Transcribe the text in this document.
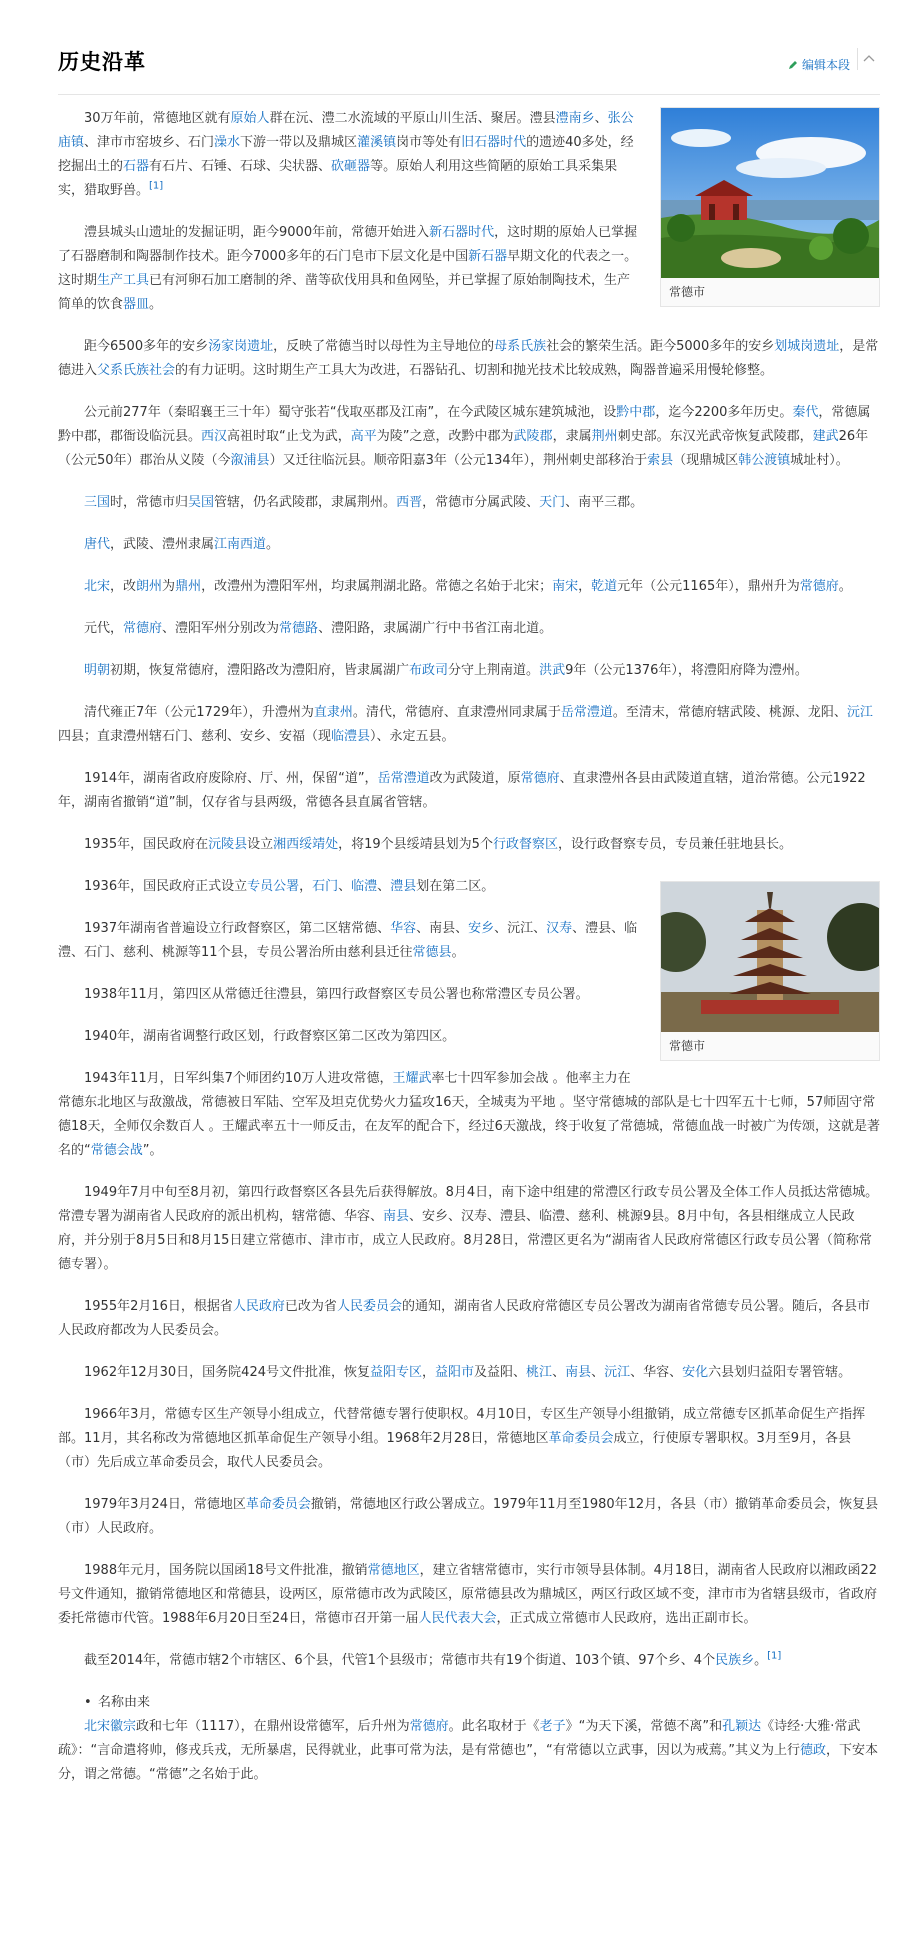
历史沿革	编辑本段
常德市

30万年前，常德地区就有原始人群在沅、澧二水流域的平原山川生活、聚居。澧县澧南乡、张公庙镇、津市市窑坡乡、石门澡水下游一带以及鼎城区灌溪镇岗市等处有旧石器时代的遗迹40多处，经挖掘出土的石器有石片、石锤、石球、尖状器、砍砸器等。原始人利用这些简陋的原始工具采集果实，猎取野兽。[1]

澧县城头山遗址的发掘证明，距今9000年前，常德开始进入新石器时代，这时期的原始人已掌握了石器磨制和陶器制作技术。距今7000多年的石门皂市下层文化是中国新石器早期文化的代表之一。这时期生产工具已有河卵石加工磨制的斧、凿等砍伐用具和鱼网坠，并已掌握了原始制陶技术，生产简单的饮食器皿。

距今6500多年的安乡汤家岗遗址，反映了常德当时以母性为主导地位的母系氏族社会的繁荣生活。距今5000多年的安乡划城岗遗址，是常德进入父系氏族社会的有力证明。这时期生产工具大为改进，石器钻孔、切割和抛光技术比较成熟，陶器普遍采用慢轮修整。

公元前277年（秦昭襄王三十年）蜀守张若“伐取巫郡及江南”，在今武陵区城东建筑城池，设黔中郡，迄今2200多年历史。秦代，常德属黔中郡，郡衙设临沅县。西汉高祖时取“止戈为武，高平为陵”之意，改黔中郡为武陵郡，隶属荆州刺史部。东汉光武帝恢复武陵郡，建武26年（公元50年）郡治从义陵（今溆浦县）又迁往临沅县。顺帝阳嘉3年（公元134年），荆州刺史部移治于索县（现鼎城区韩公渡镇城址村）。

三国时，常德市归吴国管辖，仍名武陵郡，隶属荆州。西晋，常德市分属武陵、天门、南平三郡。

唐代，武陵、澧州隶属江南西道。

北宋，改朗州为鼎州，改澧州为澧阳军州，均隶属荆湖北路。常德之名始于北宋；南宋，乾道元年（公元1165年），鼎州升为常德府。

元代，常德府、澧阳军州分别改为常德路、澧阳路，隶属湖广行中书省江南北道。

明朝初期，恢复常德府，澧阳路改为澧阳府，皆隶属湖广布政司分守上荆南道。洪武9年（公元1376年），将澧阳府降为澧州。

清代雍正7年（公元1729年），升澧州为直隶州。清代，常德府、直隶澧州同隶属于岳常澧道。至清末，常德府辖武陵、桃源、龙阳、沅江四县；直隶澧州辖石门、慈利、安乡、安福（现临澧县）、永定五县。

1914年，湖南省政府废除府、厅、州，保留“道”，岳常澧道改为武陵道，原常德府、直隶澧州各县由武陵道直辖，道治常德。公元1922年，湖南省撤销“道”制，仅存省与县两级，常德各县直属省管辖。

1935年，国民政府在沅陵县设立湘西绥靖处，将19个县绥靖县划为5个行政督察区，设行政督察专员，专员兼任驻地县长。

常德市

1936年，国民政府正式设立专员公署，石门、临澧、澧县划在第二区。

1937年湖南省普遍设立行政督察区，第二区辖常德、华容、南县、安乡、沅江、汉寿、澧县、临澧、石门、慈利、桃源等11个县，专员公署治所由慈利县迁往常德县。

1938年11月，第四区从常德迁往澧县，第四行政督察区专员公署也称常澧区专员公署。

1940年，湖南省调整行政区划，行政督察区第二区改为第四区。

1943年11月，日军纠集7个师团约10万人进攻常德，王耀武率七十四军参加会战 。他率主力在常德东北地区与敌激战，常德被日军陆、空军及坦克优势火力猛攻16天，全城夷为平地 。坚守常德城的部队是七十四军五十七师，57师固守常德18天，全师仅余数百人 。王耀武率五十一师反击，在友军的配合下，经过6天激战，终于收复了常德城，常德血战一时被广为传颂，这就是著名的“常德会战”。

1949年7月中旬至8月初，第四行政督察区各县先后获得解放。8月4日，南下途中组建的常澧区行政专员公署及全体工作人员抵达常德城。常澧专署为湖南省人民政府的派出机构，辖常德、华容、南县、安乡、汉寿、澧县、临澧、慈利、桃源9县。8月中旬，各县相继成立人民政府，并分别于8月5日和8月15日建立常德市、津市市，成立人民政府。8月28日，常澧区更名为“湖南省人民政府常德区行政专员公署（简称常德专署）。

1955年2月16日，根据省人民政府已改为省人民委员会的通知，湖南省人民政府常德区专员公署改为湖南省常德专员公署。随后，各县市人民政府都改为人民委员会。

1962年12月30日，国务院424号文件批准，恢复益阳专区，益阳市及益阳、桃江、南县、沅江、华容、安化六县划归益阳专署管辖。

1966年3月，常德专区生产领导小组成立，代替常德专署行使职权。4月10日，专区生产领导小组撤销，成立常德专区抓革命促生产指挥部。11月，其名称改为常德地区抓革命促生产领导小组。1968年2月28日，常德地区革命委员会成立，行使原专署职权。3月至9月，各县（市）先后成立革命委员会，取代人民委员会。

1979年3月24日，常德地区革命委员会撤销，常德地区行政公署成立。1979年11月至1980年12月，各县（市）撤销革命委员会，恢复县（市）人民政府。

1988年元月，国务院以国函18号文件批准，撤销常德地区，建立省辖常德市，实行市领导县体制。4月18日，湖南省人民政府以湘政函22号文件通知，撤销常德地区和常德县，设两区，原常德市改为武陵区，原常德县改为鼎城区，两区行政区域不变，津市市为省辖县级市，省政府委托常德市代管。1988年6月20日至24日，常德市召开第一届人民代表大会，正式成立常德市人民政府，选出正副市长。

截至2014年，常德市辖2个市辖区、6个县，代管1个县级市；常德市共有19个街道、103个镇、97个乡、4个民族乡。[1]

• 名称由来

北宋徽宗政和七年（1117），在鼎州设常德军，后升州为常德府。此名取材于《老子》“为天下溪，常德不离”和孔颖达《诗经·大雅·常武疏》：“言命遣将帅，修戎兵戎，无所暴虐，民得就业，此事可常为法，是有常德也”，“有常德以立武事，因以为戒蔫。”其义为上行德政，下安本分，谓之常德。“常德”之名始于此。
